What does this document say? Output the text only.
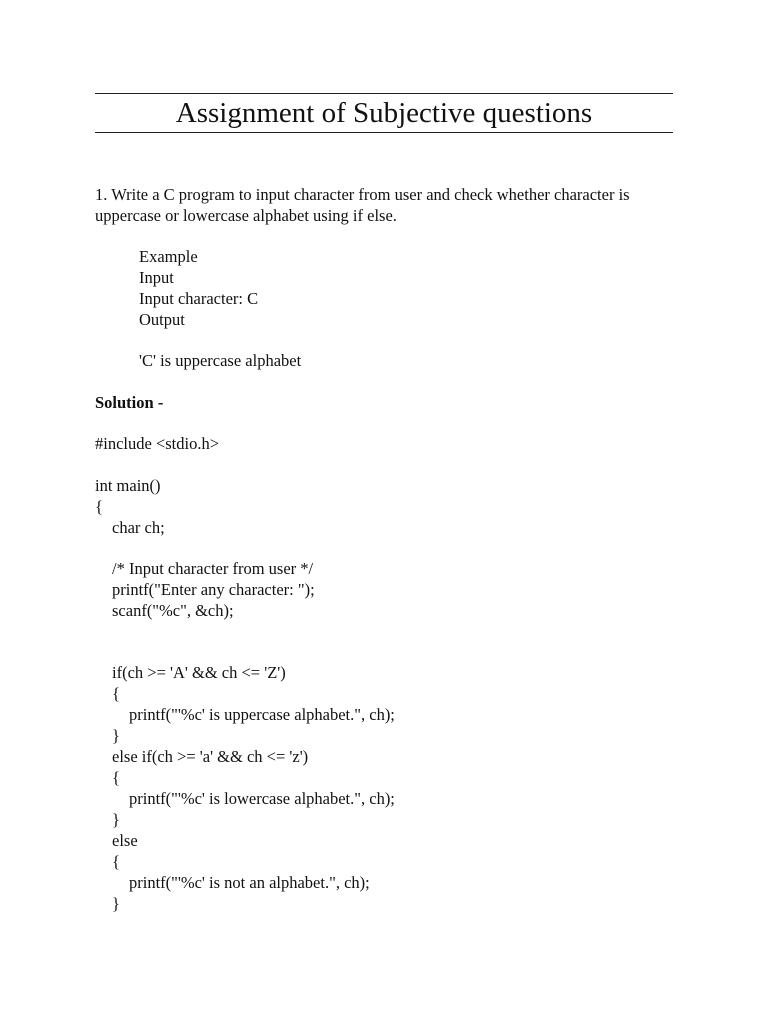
Assignment of Subjective questions
1. Write a C program to input character from user and check whether character is
uppercase or lowercase alphabet using if else.
Example
Input
Input character: C
Output
'C' is uppercase alphabet
Solution -
#include <stdio.h>
int main()
{
char ch;
/* Input character from user */
printf("Enter any character: ");
scanf("%c", &ch);
if(ch >= 'A' && ch <= 'Z')
{
printf("'%c' is uppercase alphabet.", ch);
}
else if(ch >= 'a' && ch <= 'z')
{
printf("'%c' is lowercase alphabet.", ch);
}
else
{
printf("'%c' is not an alphabet.", ch);
}
